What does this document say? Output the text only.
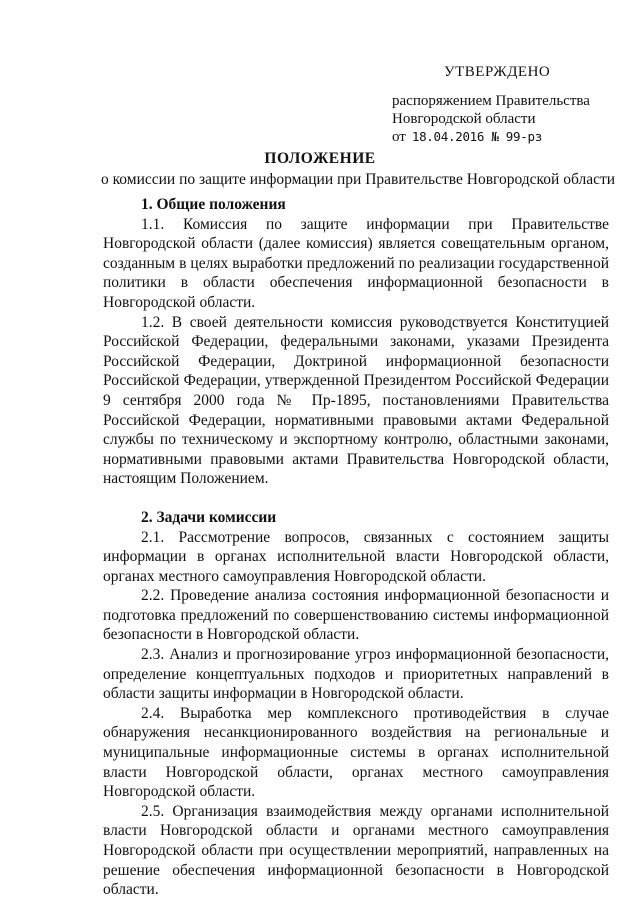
УТВЕРЖДЕНО
распоряжением Правительства
Новгородской области
от 18.04.2016 № 99-рз
ПОЛОЖЕНИЕ
о комиссии по защите информации при Правительстве Новгородской области

1. Общие положения

1.1. Комиссия по защите информации при Правительстве Новгородской области (далее комиссия) является совещательным органом, созданным в целях выработки предложений по реализации государственной политики в области обеспечения информационной безопасности в Новгородской области.

1.2. В своей деятельности комиссия руководствуется Конституцией Российской Федерации, федеральными законами, указами Президента Российской Федерации, Доктриной информационной безопасности Российской Федерации, утвержденной Президентом Российской Федерации 9 сентября 2000 года № Пр-1895, постановлениями Правительства Российской Федерации, нормативными правовыми актами Федеральной службы по техническому и экспортному контролю, областными законами, нормативными правовыми актами Правительства Новгородской области, настоящим Положением.

2. Задачи комиссии

2.1. Рассмотрение вопросов, связанных с состоянием защиты информации в органах исполнительной власти Новгородской области, органах местного самоуправления Новгородской области.

2.2. Проведение анализа состояния информационной безопасности и подготовка предложений по совершенствованию системы информационной безопасности в Новгородской области.

2.3. Анализ и прогнозирование угроз информационной безопасности, определение концептуальных подходов и приоритетных направлений в области защиты информации в Новгородской области.

2.4. Выработка мер комплексного противодействия в случае обнаружения несанкционированного воздействия на региональные и муниципальные информационные системы в органах исполнительной власти Новгородской области, органах местного самоуправления Новгородской области.

2.5. Организация взаимодействия между органами исполнительной власти Новгородской области и органами местного самоуправления Новгородской области при осуществлении мероприятий, направленных на решение обеспечения информационной безопасности в Новгородской области.
